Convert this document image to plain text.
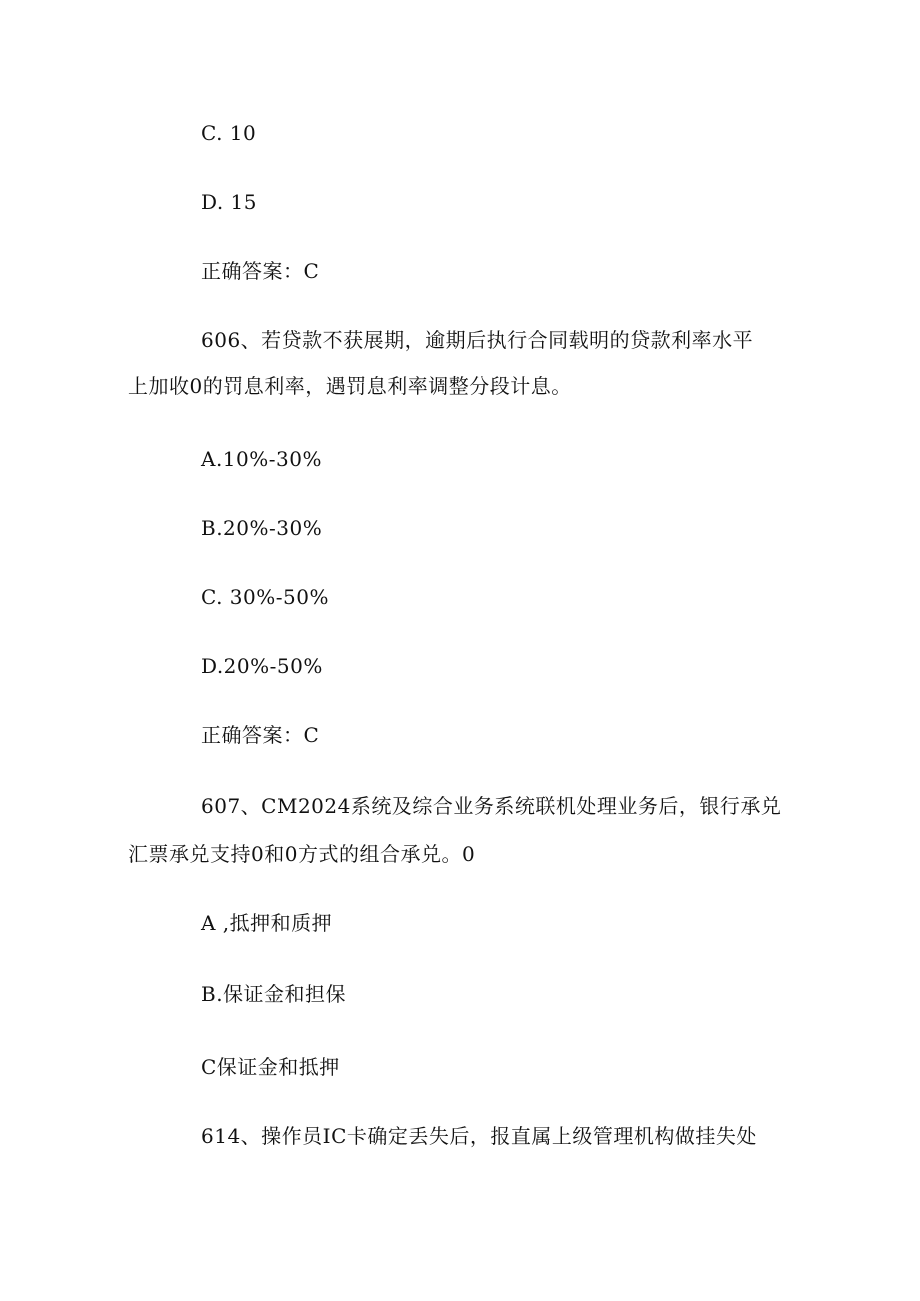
C. 10
D. 15
正确答案：C
606、若贷款不获展期，逾期后执行合同载明的贷款利率水平
上加收0的罚息利率，遇罚息利率调整分段计息。
A.10%-30%
B.20%-30%
C. 30%-50%
D.20%-50%
正确答案：C
607、CM2024系统及综合业务系统联机处理业务后，银行承兑
汇票承兑支持0和0方式的组合承兑。0
A ,抵押和质押
B.保证金和担保
C保证金和抵押
614、操作员IC卡确定丢失后，报直属上级管理机构做挂失处
